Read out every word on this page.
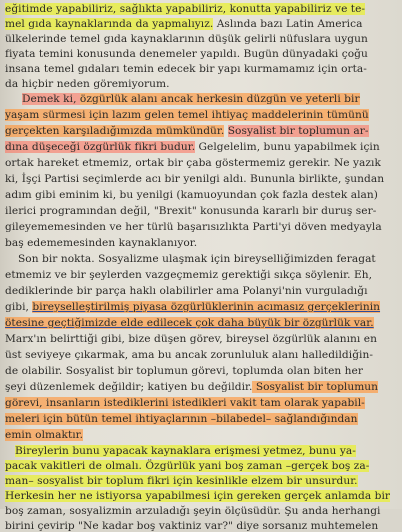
eğitimde yapabiliriz, sağlıkta yapabiliriz, konutta yapabiliriz ve te-
mel gıda kaynaklarında da yapmalıyız. Aslında bazı Latin America
ülkelerinde temel gıda kaynaklarının düşük gelirli nüfuslara uygun
fiyata temini konusunda denemeler yapıldı. Bugün dünyadaki çoğu
insana temel gıdaları temin edecek bir yapı kurmamamız için orta-
da hiçbir neden göremiyorum.
Demek ki, özgürlük alanı ancak herkesin düzgün ve yeterli bir
yaşam sürmesi için lazım gelen temel ihtiyaç maddelerinin tümünü
gerçekten karşıladığımızda mümkündür. Sosyalist bir toplumun ar-
dına düşeceği özgürlük fikri budur. Gelgelelim, bunu yapabilmek için
ortak hareket etmemiz, ortak bir çaba göstermemiz gerekir. Ne yazık
ki, İşçi Partisi seçimlerde acı bir yenilgi aldı. Bununla birlikte, şundan
adım gibi eminim ki, bu yenilgi (kamuoyundan çok fazla destek alan)
ilerici programından değil, "Brexit" konusunda kararlı bir duruş ser-
gileyememesinden ve her türlü başarısızlıkta Parti'yi döven medyayla
baş edememesinden kaynaklanıyor.
Son bir nokta. Sosyalizme ulaşmak için bireyselliğimizden feragat
etmemiz ve bir şeylerden vazgeçmemiz gerektiği sıkça söylenir. Eh,
dediklerinde bir parça haklı olabilirler ama Polanyi'nin vurguladığı
gibi, bireyselleştirilmiş piyasa özgürlüklerinin acımasız gerçeklerinin
ötesine geçtiğimizde elde edilecek çok daha büyük bir özgürlük var.
Marx'ın belirttiği gibi, bize düşen görev, bireysel özgürlük alanını en
üst seviyeye çıkarmak, ama bu ancak zorunluluk alanı halledildiğin-
de olabilir. Sosyalist bir toplumun görevi, toplumda olan biten her
şeyi düzenlemek değildir; katiyen bu değildir. Sosyalist bir toplumun
görevi, insanların istediklerini istedikleri vakit tam olarak yapabil-
meleri için bütün temel ihtiyaçlarının –bilabedel– sağlandığından
emin olmaktır.
Bireylerin bunu yapacak kaynaklara erişmesi yetmez, bunu ya-
pacak vakitleri de olmalı. Özgürlük yani boş zaman –gerçek boş za-
man– sosyalist bir toplum fikri için kesinlikle elzem bir unsurdur.
Herkesin her ne istiyorsa yapabilmesi için gereken gerçek anlamda bir
boş zaman, sosyalizmin arzuladığı şeyin ölçüsüdür. Şu anda herhangi
birini çevirip "Ne kadar boş vaktiniz var?" diye sorsanız muhtemelen
